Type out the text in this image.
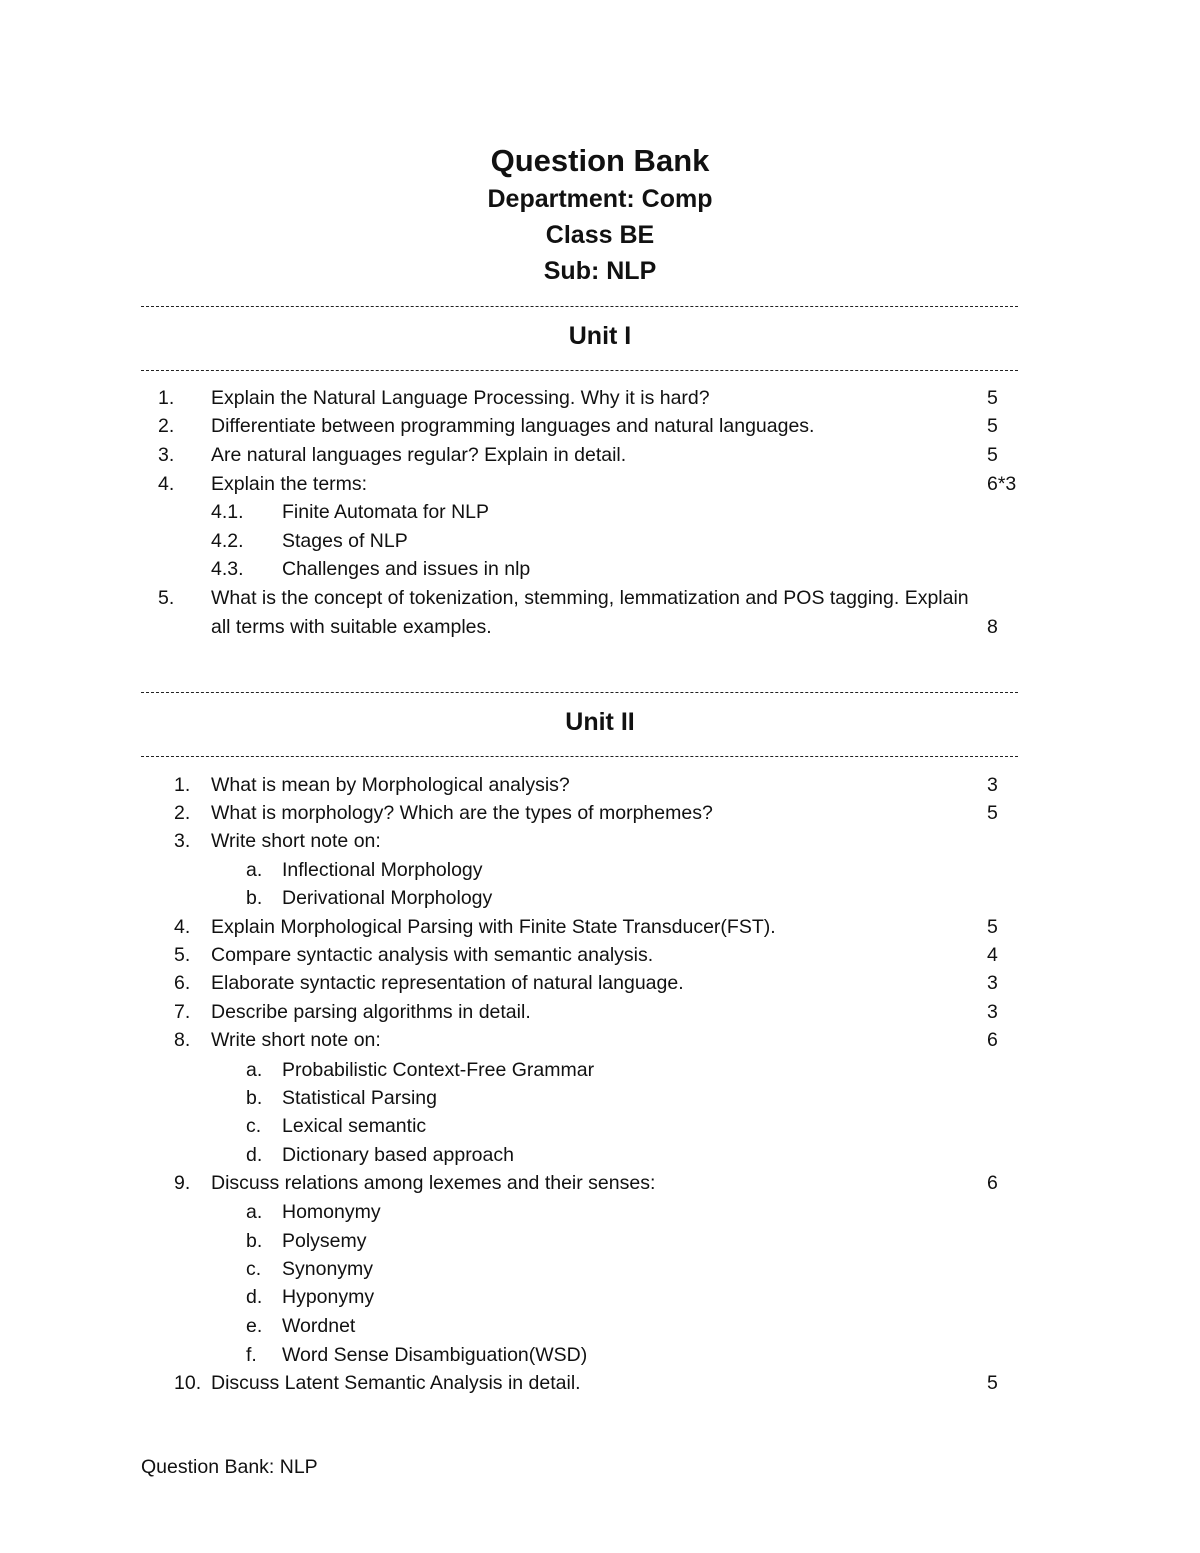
Question Bank
Department: Comp
Class BE
Sub: NLP
Unit I
1. Explain the Natural Language Processing. Why it is hard?	5
2. Differentiate between programming languages and natural languages.	5
3. Are natural languages regular? Explain in detail.	5
4. Explain the terms:	6*3
4.1. Finite Automata for NLP
4.2. Stages of NLP
4.3. Challenges and issues in nlp
5. What is the concept of tokenization, stemming, lemmatization and POS tagging. Explain
all terms with suitable examples.	8
Unit II
1. What is mean by Morphological analysis?	3
2. What is morphology? Which are the types of morphemes?	5
3. Write short note on:
a. Inflectional Morphology
b. Derivational Morphology
4. Explain Morphological Parsing with Finite State Transducer(FST).	5
5. Compare syntactic analysis with semantic analysis.	4
6. Elaborate syntactic representation of natural language.	3
7. Describe parsing algorithms in detail.	3
8. Write short note on:	6
a. Probabilistic Context-Free Grammar
b. Statistical Parsing
c. Lexical semantic
d. Dictionary based approach
9. Discuss relations among lexemes and their senses:	6
a. Homonymy
b. Polysemy
c. Synonymy
d. Hyponymy
e. Wordnet
f. Word Sense Disambiguation(WSD)
10. Discuss Latent Semantic Analysis in detail.	5
Question Bank: NLP
